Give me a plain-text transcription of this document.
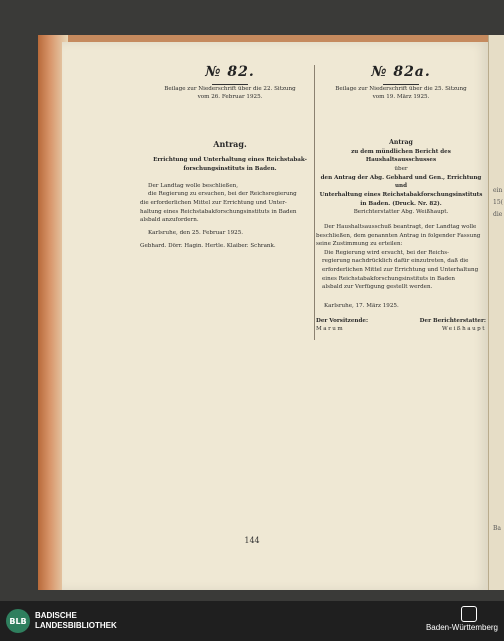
ein
15(
die
Ba
№ 82.

Beilage zur Niederschrift über die 22. Sitzung

vom 26. Februar 1925.

Antrag.

Errichtung und Unterhaltung eines Reichstabak-

forschungsinstituts in Baden.

Der Landtag wolle beschließen,

die Regierung zu ersuchen, bei der Reichsregierung

die erforderlichen Mittel zur Errichtung und Unter-

haltung eines Reichstabakforschungsinstituts in Baden

alsbald anzufordern.

Karlsruhe, den 25. Februar 1925.

Gebhard. Dörr. Hagin. Hertle. Klaiber. Schrank.

№ 82a.

Beilage zur Niederschrift über die 25. Sitzung

vom 19. März 1925.

Antrag

zu dem mündlichen Bericht des Haushaltsausschusses

über

den Antrag der Abg. Gebhard und Gen., Errichtung und

Unterhaltung eines Reichstabakforschungsinstituts

in Baden. (Druck. Nr. 82).

Berichterstatter Abg. Weißhaupt.

Der Haushaltsausschuß beantragt, der Landtag wolle

beschließen, dem genannten Antrag in folgender Fassung

seine Zustimmung zu erteilen:

Die Regierung wird ersucht, bei der Reichs-

regierung nachdrücklich dafür einzutreten, daß die

erforderlichen Mittel zur Errichtung und Unterhaltung

eines Reichstabakforschungsinstituts in Baden

alsbald zur Verfügung gestellt werden.

Karlsruhe, 17. März 1925.

Der Vorsitzende:	Der Berichterstatter:
Marum	Weißhaupt
144
BLB
BADISCHE
LANDESBIBLIOTHEK	Baden-Württemberg
